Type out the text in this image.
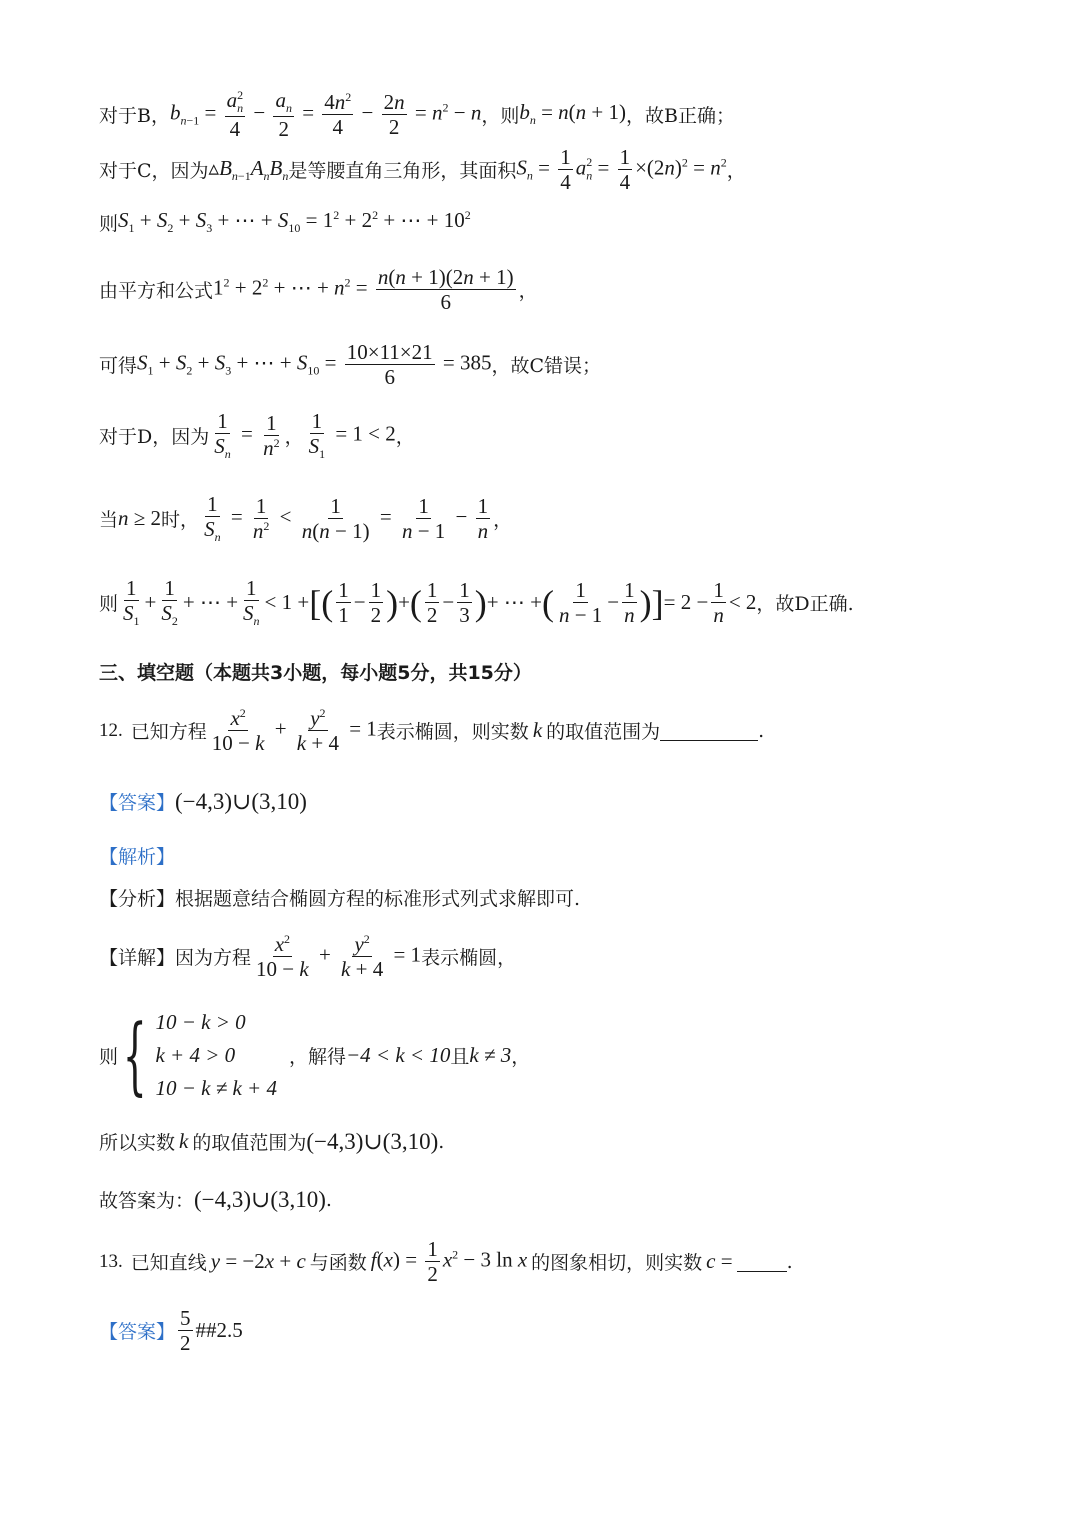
对于B， $b_{n-1} = \frac{a_n^2}{4} - \frac{a_n}{2} = \frac{4n^2}{4} - \frac{2n}{2} = n^2 - n$ ，则 $b_n = n(n + 1)$ ，故B正确；
对于C，因为 $▵B_{n-1}A_nB_n$ 是等腰直角三角形，其面积 $S_n = \frac{1}{4} a_n^2 = \frac{1}{4} \times(2n)^2 = n^2$ ，
则 $S_1 + S_2 + S_3$ + ⋯ + $S_{10} = 1^2 + 2^2$ + ⋯ + $10^2$
由平方和公式 $1^2 + 2^2$ + ⋯ + $n^2 = \frac{n(n + 1)(2n + 1)}{6}$ ，
可得 $S_1 + S_2 + S_3$ + ⋯ + $S_{10} = \frac{10\times 11\times 21}{6} = 385$ ，故C错误；
对于D，因为 $\frac{1}{S_n} = \frac{1}{n^2}$ ， $\frac{1}{S_1} = 1 < 2$ ，
当 n ≥ 2 时， $\frac{1}{S_n} = \frac{1}{n^2} < \frac{1}{n(n - 1)} = \frac{1}{n - 1} - \frac{1}{n}$ ，
则 $\frac{1}{S_1} + \frac{1}{S_2}$ + ⋯ + $\frac{1}{S_n} < 1$ + [ ( $\frac{1}{1} - \frac{1}{2}$ ) + ( $\frac{1}{2} - \frac{1}{3}$ ) + ⋯ + ( $\frac{1}{n - 1} - \frac{1}{n}$ ) ] = $2 - \frac{1}{n} < 2$ ，故D正确.
三、填空题（本题共3小题，每小题5分，共15分）
12. 已知方程 $\frac{x^2}{10 - k} + \frac{y^2}{k + 4} = 1$ 表示椭圆，则实数 k 的取值范围为	.
【答案】 (−4,3)∪(3,10)
【解析】
【分析】 根据题意结合椭圆方程的标准形式列式求解即可.
【详解】 因为方程 $\frac{x^2}{10 - k} + \frac{y^2}{k + 4} = 1$ 表示椭圆，
则 { 10 − k > 0
k + 4 > 0
10 − k ≠ k + 4
，解得 −4 < k < 10 且 k ≠ 3 ，
所以实数 k 的取值范围为 (−4,3)∪(3,10) .
故答案为： (−4,3)∪(3,10) .
13. 已知直线 y = −2x + c 与函数 $f(x) = \frac{1}{2} x^2 - 3$ ln x 的图象相切，则实数 c =	.
【答案】 $\frac{5}{2}$ ##2.5
